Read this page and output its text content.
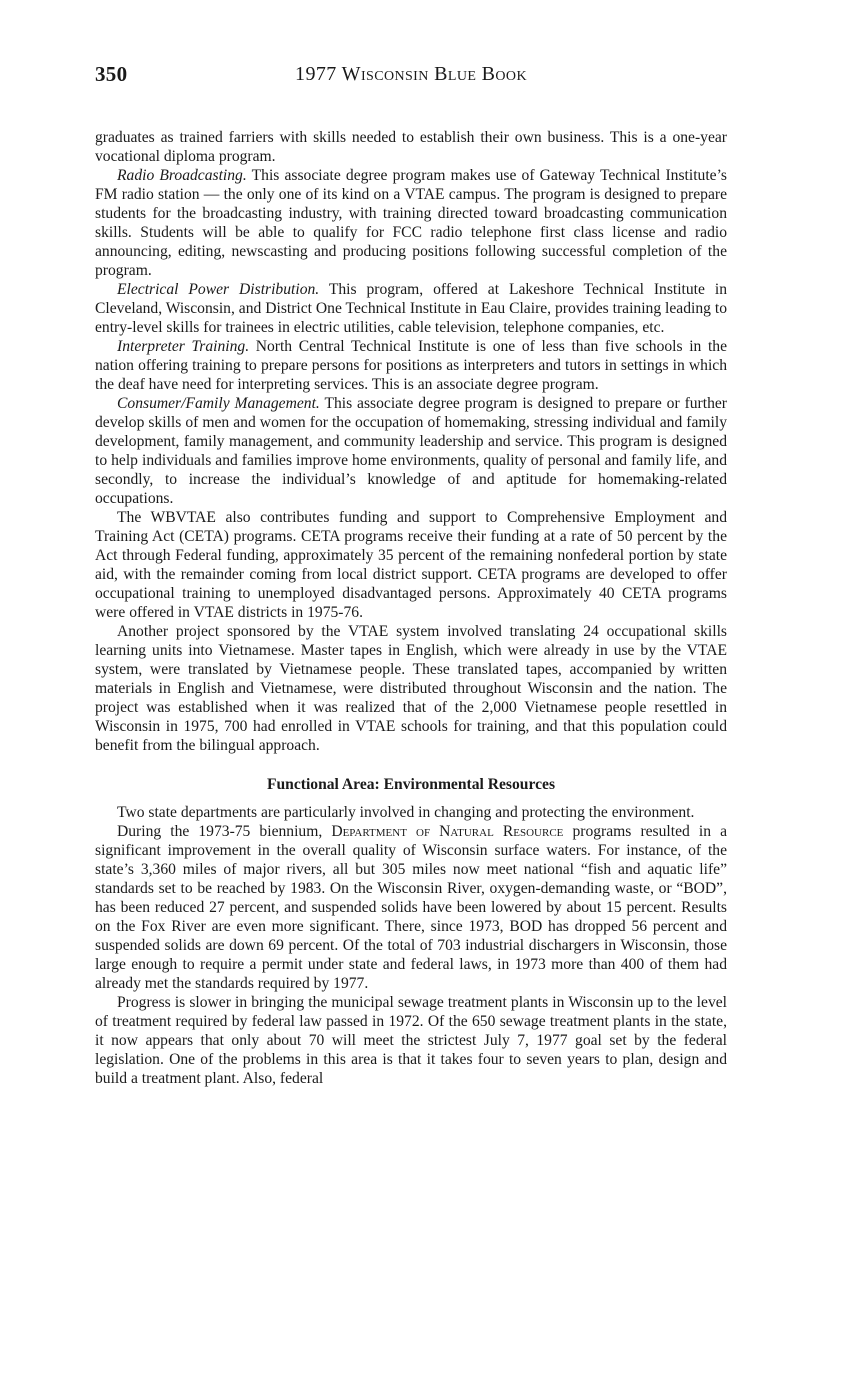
350	1977 Wisconsin Blue Book

graduates as trained farriers with skills needed to establish their own business. This is a one-year vocational diploma program.

Radio Broadcasting. This associate degree program makes use of Gateway Technical Institute’s FM radio station — the only one of its kind on a VTAE campus. The program is designed to prepare students for the broadcasting industry, with training directed toward broadcasting communication skills. Students will be able to qualify for FCC radio telephone first class license and radio announcing, editing, newscasting and producing positions following successful completion of the program.

Electrical Power Distribution. This program, offered at Lakeshore Technical Institute in Cleveland, Wisconsin, and District One Technical Institute in Eau Claire, provides training leading to entry-level skills for trainees in electric utilities, cable television, telephone companies, etc.

Interpreter Training. North Central Technical Institute is one of less than five schools in the nation offering training to prepare persons for positions as interpreters and tutors in settings in which the deaf have need for interpreting services. This is an associate degree program.

Consumer/Family Management. This associate degree program is designed to prepare or further develop skills of men and women for the occupation of homemaking, stressing individual and family development, family management, and community leadership and service. This program is designed to help individuals and families improve home environments, quality of personal and family life, and secondly, to increase the individual’s knowledge of and aptitude for homemaking-related occupations.

The WBVTAE also contributes funding and support to Comprehensive Employment and Training Act (CETA) programs. CETA programs receive their funding at a rate of 50 percent by the Act through Federal funding, approximately 35 percent of the remaining nonfederal portion by state aid, with the remainder coming from local district support. CETA programs are developed to offer occupational training to unemployed disadvantaged persons. Approximately 40 CETA programs were offered in VTAE districts in 1975-76.

Another project sponsored by the VTAE system involved translating 24 occupational skills learning units into Vietnamese. Master tapes in English, which were already in use by the VTAE system, were translated by Vietnamese people. These translated tapes, accompanied by written materials in English and Vietnamese, were distributed throughout Wisconsin and the nation. The project was established when it was realized that of the 2,000 Vietnamese people resettled in Wisconsin in 1975, 700 had enrolled in VTAE schools for training, and that this population could benefit from the bilingual approach.

Functional Area: Environmental Resources

Two state departments are particularly involved in changing and protecting the environment.

During the 1973-75 biennium, Department of Natural Resource programs resulted in a significant improvement in the overall quality of Wisconsin surface waters. For instance, of the state’s 3,360 miles of major rivers, all but 305 miles now meet national “fish and aquatic life” standards set to be reached by 1983. On the Wisconsin River, oxygen-demanding waste, or “BOD”, has been reduced 27 percent, and suspended solids have been lowered by about 15 percent. Results on the Fox River are even more significant. There, since 1973, BOD has dropped 56 percent and suspended solids are down 69 percent. Of the total of 703 industrial dischargers in Wisconsin, those large enough to require a permit under state and federal laws, in 1973 more than 400 of them had already met the standards required by 1977.

Progress is slower in bringing the municipal sewage treatment plants in Wisconsin up to the level of treatment required by federal law passed in 1972. Of the 650 sewage treatment plants in the state, it now appears that only about 70 will meet the strictest July 7, 1977 goal set by the federal legislation. One of the problems in this area is that it takes four to seven years to plan, design and build a treatment plant. Also, federal
